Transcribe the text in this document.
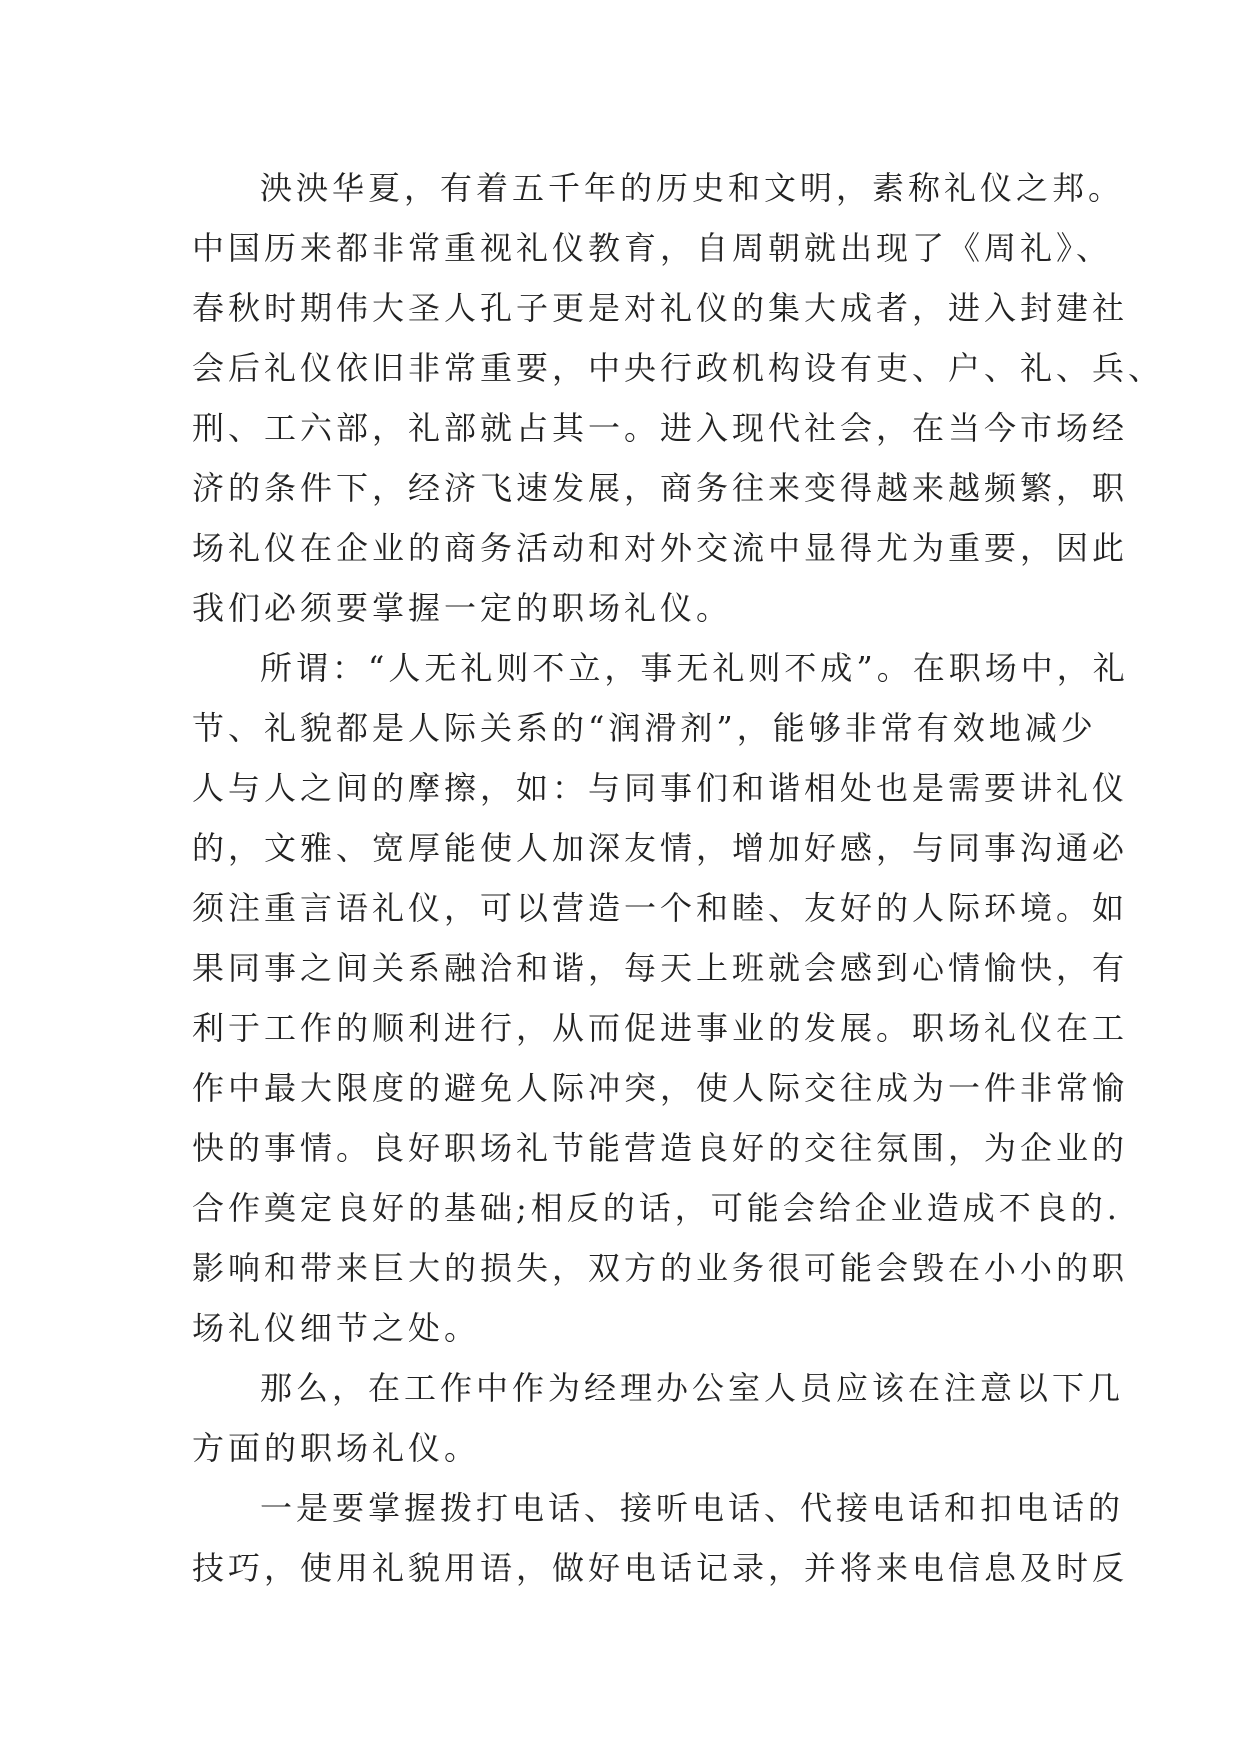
泱泱华夏，有着五千年的历史和文明，素称礼仪之邦。
中国历来都非常重视礼仪教育，自周朝就出现了《周礼》、
春秋时期伟大圣人孔子更是对礼仪的集大成者，进入封建社
会后礼仪依旧非常重要，中央行政机构设有吏、户、礼、兵、
刑、工六部，礼部就占其一。进入现代社会，在当今市场经
济的条件下，经济飞速发展，商务往来变得越来越频繁，职
场礼仪在企业的商务活动和对外交流中显得尤为重要，因此
我们必须要掌握一定的职场礼仪。
所谓：“人无礼则不立，事无礼则不成”。在职场中，礼
节、礼貌都是人际关系的“润滑剂”，能够非常有效地减少
人与人之间的摩擦，如：与同事们和谐相处也是需要讲礼仪
的，文雅、宽厚能使人加深友情，增加好感，与同事沟通必
须注重言语礼仪，可以营造一个和睦、友好的人际环境。如
果同事之间关系融洽和谐，每天上班就会感到心情愉快，有
利于工作的顺利进行，从而促进事业的发展。职场礼仪在工
作中最大限度的避免人际冲突，使人际交往成为一件非常愉
快的事情。良好职场礼节能营造良好的交往氛围，为企业的
合作奠定良好的基础;相反的话，可能会给企业造成不良的.
影响和带来巨大的损失，双方的业务很可能会毁在小小的职
场礼仪细节之处。
那么，在工作中作为经理办公室人员应该在注意以下几
方面的职场礼仪。
一是要掌握拨打电话、接听电话、代接电话和扣电话的
技巧，使用礼貌用语，做好电话记录，并将来电信息及时反
